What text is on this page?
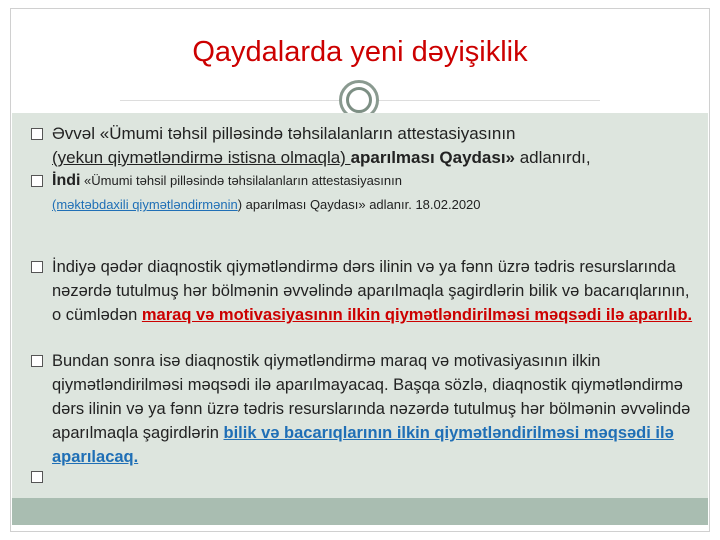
Qaydalarda yeni dəyişiklik
Əvvəl «Ümumi təhsil pilləsində təhsilalanların attestasiyasının
(yekun qiymətləndirmə istisna olmaqla) aparılması Qaydası» adlanırdı,
İndi «Ümumi təhsil pilləsində təhsilalanların attestasiyasının
(məktəbdaxili qiymətləndirmənin) aparılması Qaydası» adlanır. 18.02.2020
İndiyə qədər diaqnostik qiymətləndirmə dərs ilinin və ya fənn üzrə tədris resurslarında nəzərdə tutulmuş hər bölmənin əvvəlində aparılmaqla şagirdlərin bilik və bacarıqlarının, o cümlədən maraq və motivasiyasının ilkin qiymətləndirilməsi məqsədi ilə aparılıb.
Bundan sonra isə diaqnostik qiymətləndirmə maraq və motivasiyasının ilkin qiymətləndirilməsi məqsədi ilə aparılmayacaq. Başqa sözlə, diaqnostik qiymətləndirmə dərs ilinin və ya fənn üzrə tədris resurslarında nəzərdə tutulmuş hər bölmənin əvvəlində aparılmaqla şagirdlərin bilik və bacarıqlarının ilkin qiymətləndirilməsi məqsədi ilə aparılacaq.
